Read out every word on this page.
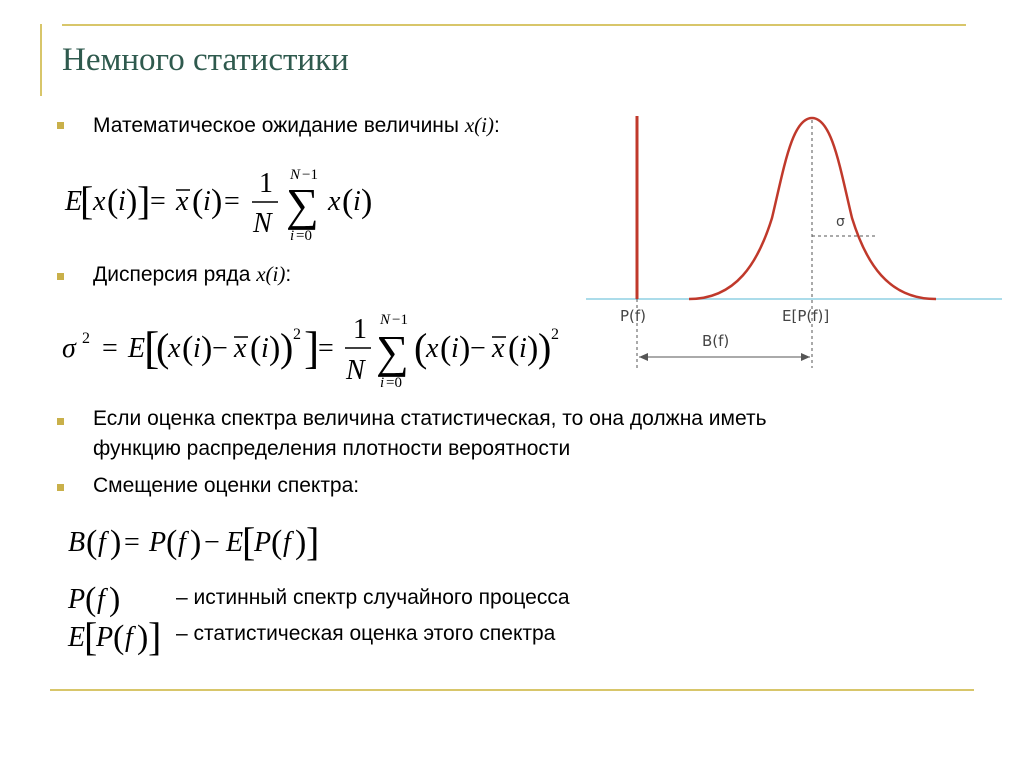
Немного статистики
Математическое ожидание величины x(i):
E
[ x ( i ) ] = x ( i ) =
1
N
N −1
∑
i =0
x ( i )
Дисперсия ряда x(i):
σ 2 = E
[
(
x ( i ) − x ( i ) ) 2 ]
=
1
N
N −1
∑
i =0
(
x ( i ) − x ( i ) ) 2
σ
P(f)	E[P(f)]
B(f)
Если оценка спектра величина статистическая, то она должна иметь
функцию распределения плотности вероятности
Смещение оценки спектра:
B ( f ) = P ( f ) − E
[
P ( f ) ]
P ( f )	– истинный спектр случайного процесса
E
[
P ( f ) ] – статистическая оценка этого спектра
